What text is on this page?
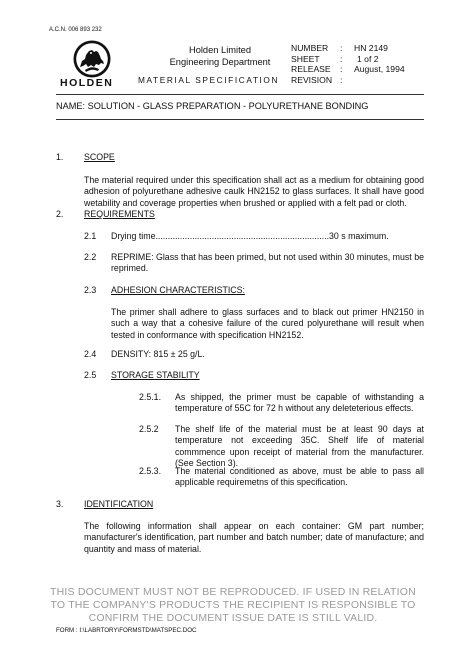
A.C.N. 006 893 232
HOLDEN
Holden Limited
Engineering Department
MATERIAL SPECIFICATION
NUMBER	:	HN 2149
SHEET	:	1 of 2
RELEASE	:	August, 1994
REVISION :
NAME: SOLUTION - GLASS PREPARATION - POLYURETHANE BONDING
1. SCOPE
The material required under this specification shall act as a medium for obtaining good adhesion of polyurethane adhesive caulk HN2152 to glass surfaces. It shall have good wetability and coverage properties when brushed or applied with a felt pad or cloth.
2. REQUIREMENTS
2.1 Drying time.......................................................................30 s maximum.
2.2 REPRIME: Glass that has been primed, but not used within 30 minutes, must be reprimed.
2.3 ADHESION CHARACTERISTICS:
The primer shall adhere to glass surfaces and to black out primer HN2150 in such a way that a cohesive failure of the cured polyurethane will result when tested in conformance with specification HN2152.
2.4 DENSITY: 815 ± 25 g/L.
2.5 STORAGE STABILITY
2.5.1. As shipped, the primer must be capable of withstanding a temperature of 55C for 72 h without any deleteterious effects.
2.5.2 The shelf life of the material must be at least 90 days at temperature not exceeding 35C. Shelf life of material commmence upon receipt of material from the manufacturer. (See Section 3).
2.5.3. The material conditioned as above, must be able to pass all applicable requiremetns of this specification.
3. IDENTIFICATION
The following information shall appear on each container: GM part number; manufacturer's identification, part number and batch number; date of manufacture; and quantity and mass of material.
THIS DOCUMENT MUST NOT BE REPRODUCED. IF USED IN RELATION TO THE COMPANY'S PRODUCTS THE RECIPIENT IS RESPONSIBLE TO CONFIRM THE DOCUMENT ISSUE DATE IS STILL VALID.
FORM : I:\LABRTORY\FORMSTD\MATSPEC.DOC
